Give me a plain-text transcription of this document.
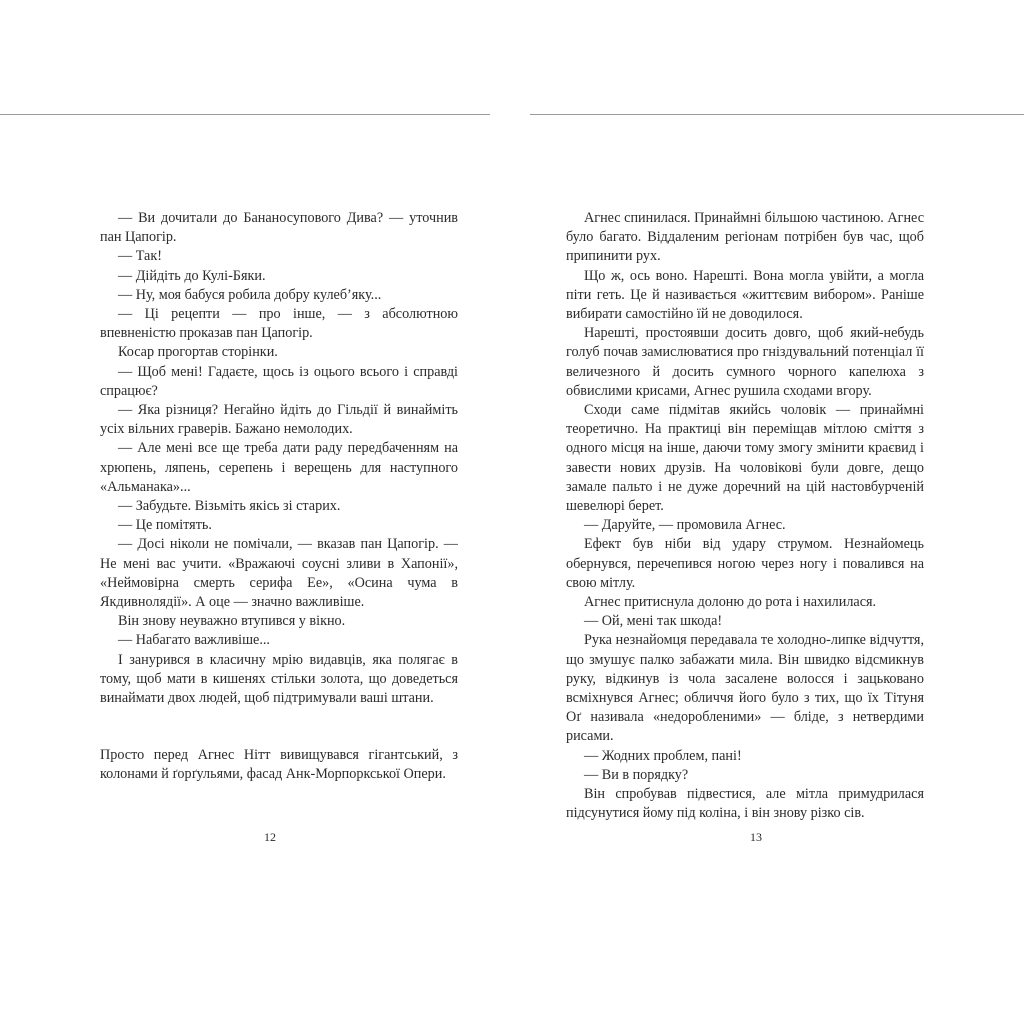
— Ви дочитали до Бананосупового Дива? — уточнив пан Цапогір.

— Так!

— Дійдіть до Кулі-Бяки.

— Ну, моя бабуся робила добру кулеб’яку...

— Ці рецепти — про інше, — з абсолютною впевненістю проказав пан Цапогір.

Косар прогортав сторінки.

— Щоб мені! Гадаєте, щось із оцього всього і справді спрацює?

— Яка різниця? Негайно йдіть до Гільдії й винайміть усіх вільних граверів. Бажано немолодих.

— Але мені все ще треба дати раду передбаченням на хрюпень, ляпень, серепень і верещень для наступного «Альманака»...

— Забудьте. Візьміть якісь зі старих.

— Це помітять.

— Досі ніколи не помічали, — вказав пан Цапогір. — Не мені вас учити. «Вражаючі соусні зливи в Хапонії», «Неймовірна смерть серифа Ее», «Осина чума в Якдивнолядії». А оце — значно важливіше.

Він знову неуважно втупився у вікно.

— Набагато важливіше...

І занурився в класичну мрію видавців, яка полягає в тому, щоб мати в кишенях стільки золота, що доведеться винаймати двох людей, щоб підтримували ваші штани.

Просто перед Агнес Нітт вивищувався гігантський, з колонами й ґорґульями, фасад Анк-Морпоркської Опери.

Агнес спинилася. Принаймні більшою частиною. Агнес було багато. Віддаленим регіонам потрібен був час, щоб припинити рух.

Що ж, ось воно. Нарешті. Вона могла увійти, а могла піти геть. Це й називається «життєвим вибором». Раніше вибирати самостійно їй не доводилося.

Нарешті, простоявши досить довго, щоб який-небудь голуб почав замислюватися про гніздувальний потенціал її величезного й досить сумного чорного капелюха з обвислими крисами, Агнес рушила сходами вгору.

Сходи саме підмітав якийсь чоловік — принаймні теоретично. На практиці він переміщав мітлою сміття з одного місця на інше, даючи тому змогу змінити краєвид і завести нових друзів. На чоловікові були довге, дещо замале пальто і не дуже доречний на цій настовбурченій шевелюрі берет.

— Даруйте, — промовила Агнес.

Ефект був ніби від удару струмом. Незнайомець обернувся, перечепився ногою через ногу і повалився на свою мітлу.

Агнес притиснула долоню до рота і нахилилася.

— Ой, мені так шкода!

Рука незнайомця передавала те холодно-липке відчуття, що змушує палко забажати мила. Він швидко відсмикнув руку, відкинув із чола засалене волосся і зацьковано всміхнувся Агнес; обличчя його було з тих, що їх Тітуня Оґ називала «недоробленими» — бліде, з нетвердими рисами.

— Жодних проблем, пані!

— Ви в порядку?

Він спробував підвестися, але мітла примудрилася підсунутися йому під коліна, і він знову різко сів.

12	13
